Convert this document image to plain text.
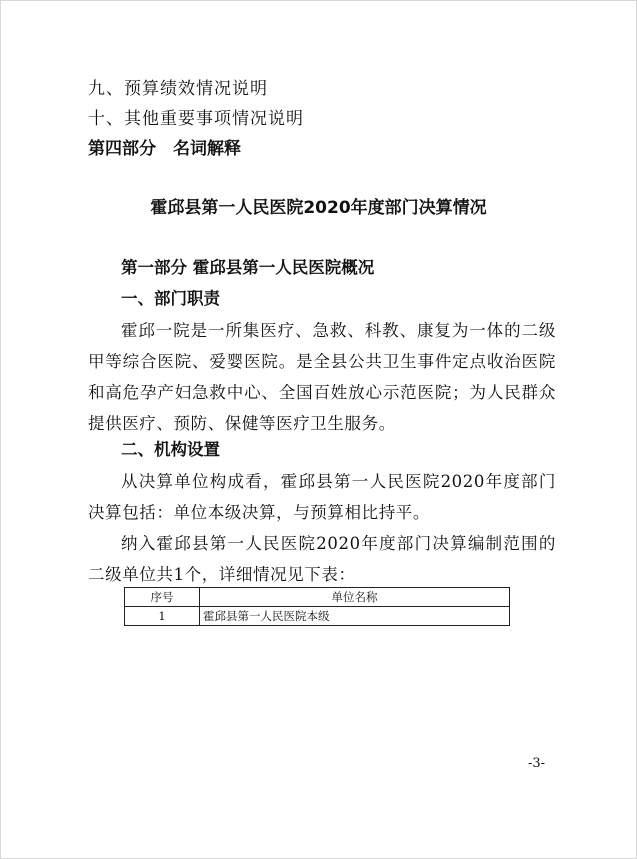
九、预算绩效情况说明
十、其他重要事项情况说明
第四部分　名词解释
霍邱县第一人民医院2020年度部门决算情况
第一部分 霍邱县第一人民医院概况
一、部门职责
霍邱一院是一所集医疗、急救、科教、康复为一体的二级甲等综合医院、爱婴医院。是全县公共卫生事件定点收治医院和高危孕产妇急救中心、全国百姓放心示范医院；为人民群众提供医疗、预防、保健等医疗卫生服务。
二、机构设置
从决算单位构成看，霍邱县第一人民医院2020年度部门决算包括：单位本级决算，与预算相比持平。
纳入霍邱县第一人民医院2020年度部门决算编制范围的二级单位共1个，详细情况见下表：
序号	单位名称
1	霍邱县第一人民医院本级
-3-
